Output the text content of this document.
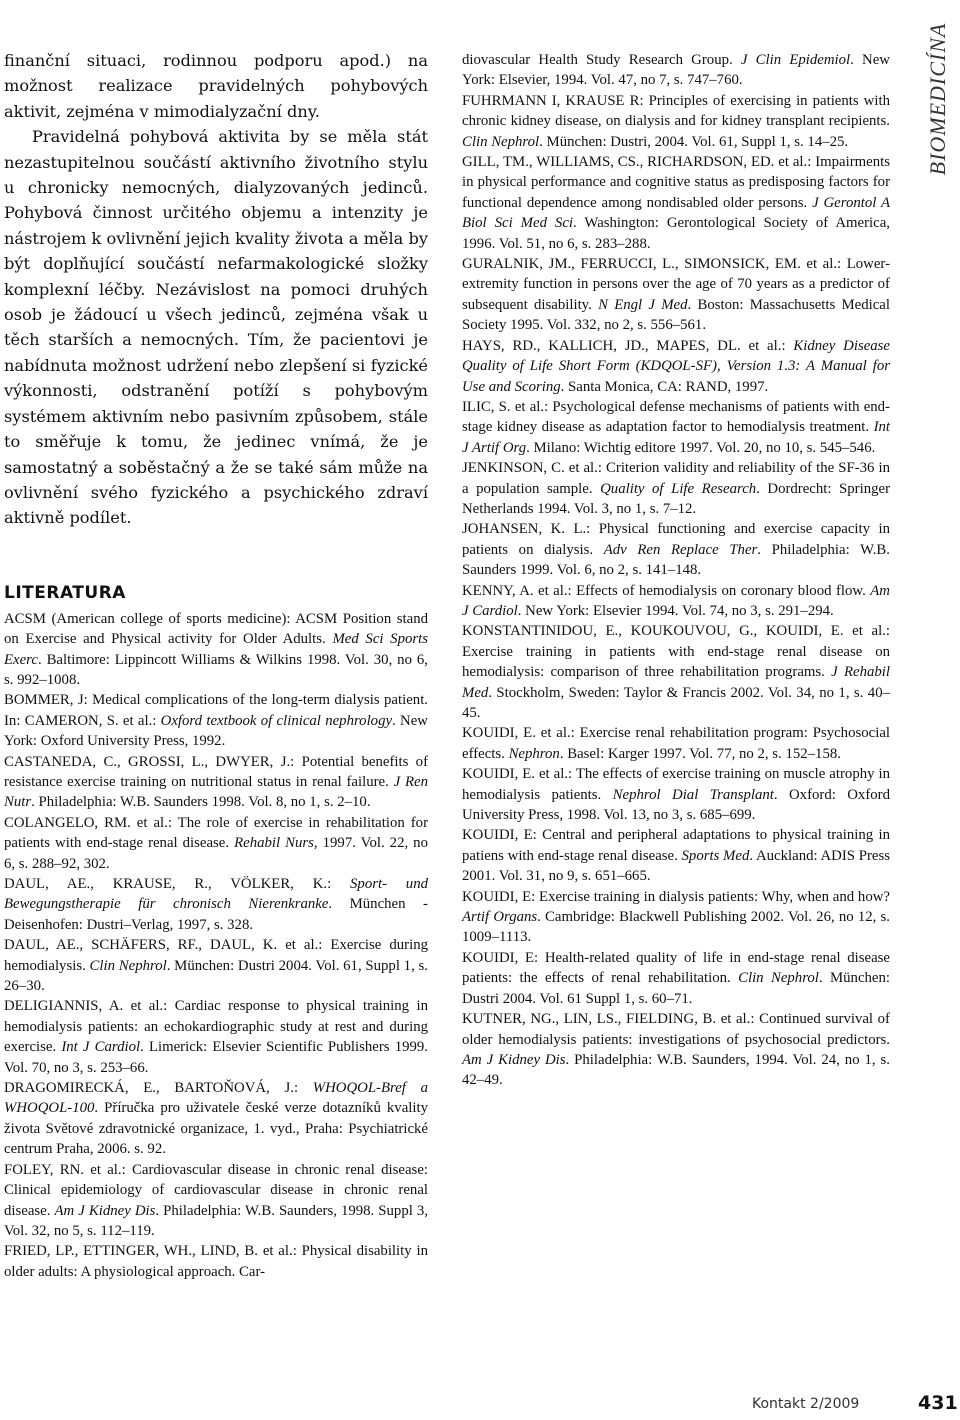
finanční situaci, rodinnou podporu apod.) na možnost realizace pravidelných pohybových aktivit, zejména v mimodialyzační dny.

Pravidelná pohybová aktivita by se měla stát nezastupitelnou součástí aktivního životního stylu u chronicky nemocných, dialyzovaných jedinců. Pohybová činnost určitého objemu a intenzity je nástrojem k ovlivnění jejich kvality života a měla by být doplňující součástí nefarmakologické složky komplexní léčby. Nezávislost na pomoci druhých osob je žádoucí u všech jedinců, zejména však u těch starších a nemocných. Tím, že pacientovi je nabídnuta možnost udržení nebo zlepšení si fyzické výkonnosti, odstranění potíží s pohybovým systémem aktivním nebo pasivním způsobem, stále to směřuje k tomu, že jedinec vnímá, že je samostatný a soběstačný a že se také sám může na ovlivnění svého fyzického a psychického zdraví aktivně podílet.

LITERATURA

ACSM (American college of sports medicine): ACSM Position stand on Exercise and Physical activity for Older Adults. Med Sci Sports Exerc. Baltimore: Lippincott Williams & Wilkins 1998. Vol. 30, no 6, s. 992–1008.

BOMMER, J: Medical complications of the long-term dialysis patient. In: CAMERON, S. et al.: Oxford textbook of clinical nephrology. New York: Oxford University Press, 1992.

CASTANEDA, C., GROSSI, L., DWYER, J.: Potential benefits of resistance exercise training on nutritional status in renal failure. J Ren Nutr. Philadelphia: W.B. Saunders 1998. Vol. 8, no 1, s. 2–10.

COLANGELO, RM. et al.: The role of exercise in rehabilitation for patients with end-stage renal disease. Rehabil Nurs, 1997. Vol. 22, no 6, s. 288–92, 302.

DAUL, AE., KRAUSE, R., VÖLKER, K.: Sport- und Bewegungstherapie für chronisch Nierenkranke. München -Deisenhofen: Dustri–Verlag, 1997, s. 328.

DAUL, AE., SCHÄFERS, RF., DAUL, K. et al.: Exercise during hemodialysis. Clin Nephrol. München: Dustri 2004. Vol. 61, Suppl 1, s. 26–30.

DELIGIANNIS, A. et al.: Cardiac response to physical training in hemodialysis patients: an echokardiographic study at rest and during exercise. Int J Cardiol. Limerick: Elsevier Scientific Publishers 1999. Vol. 70, no 3, s. 253–66.

DRAGOMIRECKÁ, E., BARTOŇOVÁ, J.: WHOQOL-Bref a WHOQOL-100. Příručka pro uživatele české verze dotazníků kvality života Světové zdravotnické organizace, 1. vyd., Praha: Psychiatrické centrum Praha, 2006. s. 92.

FOLEY, RN. et al.: Cardiovascular disease in chronic renal disease: Clinical epidemiology of cardiovascular disease in chronic renal disease. Am J Kidney Dis. Philadelphia: W.B. Saunders, 1998. Suppl 3, Vol. 32, no 5, s. 112–119.

FRIED, LP., ETTINGER, WH., LIND, B. et al.: Physical disability in older adults: A physiological approach. Car-

diovascular Health Study Research Group. J Clin Epidemiol. New York: Elsevier, 1994. Vol. 47, no 7, s. 747–760.

FUHRMANN I, KRAUSE R: Principles of exercising in patients with chronic kidney disease, on dialysis and for kidney transplant recipients. Clin Nephrol. München: Dustri, 2004. Vol. 61, Suppl 1, s. 14–25.

GILL, TM., WILLIAMS, CS., RICHARDSON, ED. et al.: Impairments in physical performance and cognitive status as predisposing factors for functional dependence among nondisabled older persons. J Gerontol A Biol Sci Med Sci. Washington: Gerontological Society of America, 1996. Vol. 51, no 6, s. 283–288.

GURALNIK, JM., FERRUCCI, L., SIMONSICK, EM. et al.: Lower-extremity function in persons over the age of 70 years as a predictor of subsequent disability. N Engl J Med. Boston: Massachusetts Medical Society 1995. Vol. 332, no 2, s. 556–561.

HAYS, RD., KALLICH, JD., MAPES, DL. et al.: Kidney Disease Quality of Life Short Form (KDQOL-SF), Version 1.3: A Manual for Use and Scoring. Santa Monica, CA: RAND, 1997.

ILIC, S. et al.: Psychological defense mechanisms of patients with end-stage kidney disease as adaptation factor to hemodialysis treatment. Int J Artif Org. Milano: Wichtig editore 1997. Vol. 20, no 10, s. 545–546.

JENKINSON, C. et al.: Criterion validity and reliability of the SF-36 in a population sample. Quality of Life Research. Dordrecht: Springer Netherlands 1994. Vol. 3, no 1, s. 7–12.

JOHANSEN, K. L.: Physical functioning and exercise capacity in patients on dialysis. Adv Ren Replace Ther. Philadelphia: W.B. Saunders 1999. Vol. 6, no 2, s. 141–148.

KENNY, A. et al.: Effects of hemodialysis on coronary blood flow. Am J Cardiol. New York: Elsevier 1994. Vol. 74, no 3, s. 291–294.

KONSTANTINIDOU, E., KOUKOUVOU, G., KOUIDI, E. et al.: Exercise training in patients with end-stage renal disease on hemodialysis: comparison of three rehabilitation programs. J Rehabil Med. Stockholm, Sweden: Taylor & Francis 2002. Vol. 34, no 1, s. 40–45.

KOUIDI, E. et al.: Exercise renal rehabilitation program: Psychosocial effects. Nephron. Basel: Karger 1997. Vol. 77, no 2, s. 152–158.

KOUIDI, E. et al.: The effects of exercise training on muscle atrophy in hemodialysis patients. Nephrol Dial Transplant. Oxford: Oxford University Press, 1998. Vol. 13, no 3, s. 685–699.

KOUIDI, E: Central and peripheral adaptations to physical training in patiens with end-stage renal disease. Sports Med. Auckland: ADIS Press 2001. Vol. 31, no 9, s. 651–665.

KOUIDI, E: Exercise training in dialysis patients: Why, when and how? Artif Organs. Cambridge: Blackwell Publishing 2002. Vol. 26, no 12, s. 1009–1113.

KOUIDI, E: Health-related quality of life in end-stage renal disease patients: the effects of renal rehabilitation. Clin Nephrol. München: Dustri 2004. Vol. 61 Suppl 1, s. 60–71.

KUTNER, NG., LIN, LS., FIELDING, B. et al.: Continued survival of older hemodialysis patients: investigations of psychosocial predictors. Am J Kidney Dis. Philadelphia: W.B. Saunders, 1994. Vol. 24, no 1, s. 42–49.

BIOMEDICÍNA
Kontakt 2/2009	431
